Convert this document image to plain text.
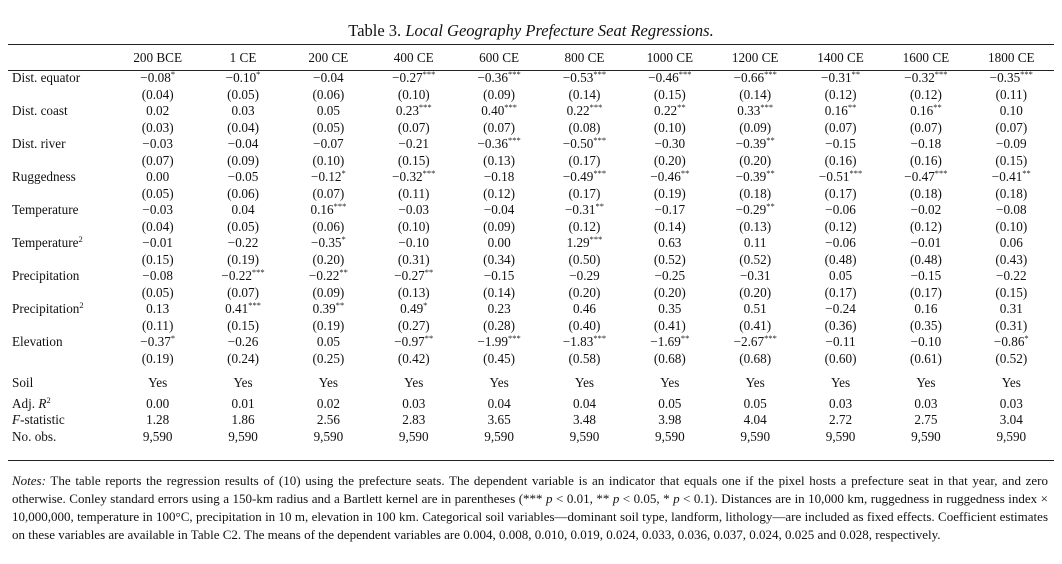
Table 3. Local Geography Prefecture Seat Regressions.
	200 BCE	1 CE	200 CE	400 CE	600 CE	800 CE	1000 CE	1200 CE	1400 CE	1600 CE	1800 CE
Dist. equator	−0.08*	−0.10*	−0.04	−0.27***	−0.36***	−0.53***	−0.46***	−0.66***	−0.31**	−0.32***	−0.35***
	(0.04)	(0.05)	(0.06)	(0.10)	(0.09)	(0.14)	(0.15)	(0.14)	(0.12)	(0.12)	(0.11)
Dist. coast	0.02	0.03	0.05	0.23***	0.40***	0.22***	0.22**	0.33***	0.16**	0.16**	0.10
	(0.03)	(0.04)	(0.05)	(0.07)	(0.07)	(0.08)	(0.10)	(0.09)	(0.07)	(0.07)	(0.07)
Dist. river	−0.03	−0.04	−0.07	−0.21	−0.36***	−0.50***	−0.30	−0.39**	−0.15	−0.18	−0.09
	(0.07)	(0.09)	(0.10)	(0.15)	(0.13)	(0.17)	(0.20)	(0.20)	(0.16)	(0.16)	(0.15)
Ruggedness	0.00	−0.05	−0.12*	−0.32***	−0.18	−0.49***	−0.46**	−0.39**	−0.51***	−0.47***	−0.41**
	(0.05)	(0.06)	(0.07)	(0.11)	(0.12)	(0.17)	(0.19)	(0.18)	(0.17)	(0.18)	(0.18)
Temperature	−0.03	0.04	0.16***	−0.03	−0.04	−0.31**	−0.17	−0.29**	−0.06	−0.02	−0.08
	(0.04)	(0.05)	(0.06)	(0.10)	(0.09)	(0.12)	(0.14)	(0.13)	(0.12)	(0.12)	(0.10)
Temperature$^2$	−0.01	−0.22	−0.35*	−0.10	0.00	1.29***	0.63	0.11	−0.06	−0.01	0.06
	(0.15)	(0.19)	(0.20)	(0.31)	(0.34)	(0.50)	(0.52)	(0.52)	(0.48)	(0.48)	(0.43)
Precipitation	−0.08	−0.22***	−0.22**	−0.27**	−0.15	−0.29	−0.25	−0.31	0.05	−0.15	−0.22
	(0.05)	(0.07)	(0.09)	(0.13)	(0.14)	(0.20)	(0.20)	(0.20)	(0.17)	(0.17)	(0.15)
Precipitation$^2$	0.13	0.41***	0.39**	0.49*	0.23	0.46	0.35	0.51	−0.24	0.16	0.31
	(0.11)	(0.15)	(0.19)	(0.27)	(0.28)	(0.40)	(0.41)	(0.41)	(0.36)	(0.35)	(0.31)
Elevation	−0.37*	−0.26	0.05	−0.97**	−1.99***	−1.83***	−1.69**	−2.67***	−0.11	−0.10	−0.86*
	(0.19)	(0.24)	(0.25)	(0.42)	(0.45)	(0.58)	(0.68)	(0.68)	(0.60)	(0.61)	(0.52)

Soil	Yes	Yes	Yes	Yes	Yes	Yes	Yes	Yes	Yes	Yes	Yes

Adj. $R^2$	0.00	0.01	0.02	0.03	0.04	0.04	0.05	0.05	0.03	0.03	0.03
F-statistic	1.28	1.86	2.56	2.83	3.65	3.48	3.98	4.04	2.72	2.75	3.04
No. obs.	9,590	9,590	9,590	9,590	9,590	9,590	9,590	9,590	9,590	9,590	9,590
Notes: The table reports the regression results of (10) using the prefecture seats. The dependent variable is an indicator that equals one if the pixel hosts a prefecture seat in that year, and zero otherwise. Conley standard errors using a 150-km radius and a Bartlett kernel are in parentheses (*** p < 0.01, ** p < 0.05, * p < 0.1). Distances are in 10,000 km, ruggedness in ruggedness index × 10,000,000, temperature in 100°C, precipitation in 10 m, elevation in 100 km. Categorical soil variables—dominant soil type, landform, lithology—are included as fixed effects. Coefficient estimates on these variables are available in Table C2. The means of the dependent variables are 0.004, 0.008, 0.010, 0.019, 0.024, 0.033, 0.036, 0.037, 0.024, 0.025 and 0.028, respectively.
